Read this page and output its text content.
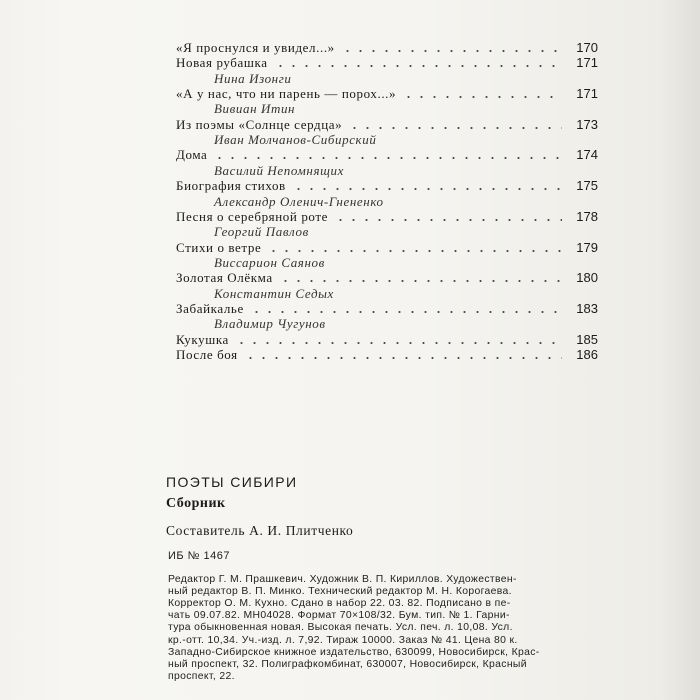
«Я проснулся и увидел...»	170
Новая рубашка	171
Нина Изонги
«А у нас, что ни парень — порох...»	171
Вивиан Итин
Из поэмы «Солнце сердца»	173
Иван Молчанов-Сибирский
Дома	174
Василий Непомнящих
Биография стихов	175
Александр Оленич-Гнененко
Песня о серебряной роте	178
Георгий Павлов
Стихи о ветре	179
Виссарион Саянов
Золотая Олёкма	180
Константин Седых
Забайкалье	183
Владимир Чугунов
Кукушка	185
После боя	186
ПОЭТЫ СИБИРИ
Сборник
Составитель А. И. Плитченко
ИБ № 1467
Редактор Г. М. Прашкевич. Художник В. П. Кириллов. Художествен-
ный редактор В. П. Минко. Технический редактор М. Н. Корогаева.
Корректор О. М. Кухно. Сдано в набор 22. 03. 82. Подписано в пе-
чать 09.07.82. МН04028. Формат 70×108/32. Бум. тип. № 1. Гарни-
тура обыкновенная новая. Высокая печать. Усл. печ. л. 10,08. Усл.
кр.-отт. 10,34. Уч.-изд. л. 7,92. Тираж 10000. Заказ № 41. Цена 80 к.
Западно-Сибирское книжное издательство, 630099, Новосибирск, Крас-
ный проспект, 32. Полиграфкомбинат, 630007, Новосибирск, Красный
проспект, 22.
